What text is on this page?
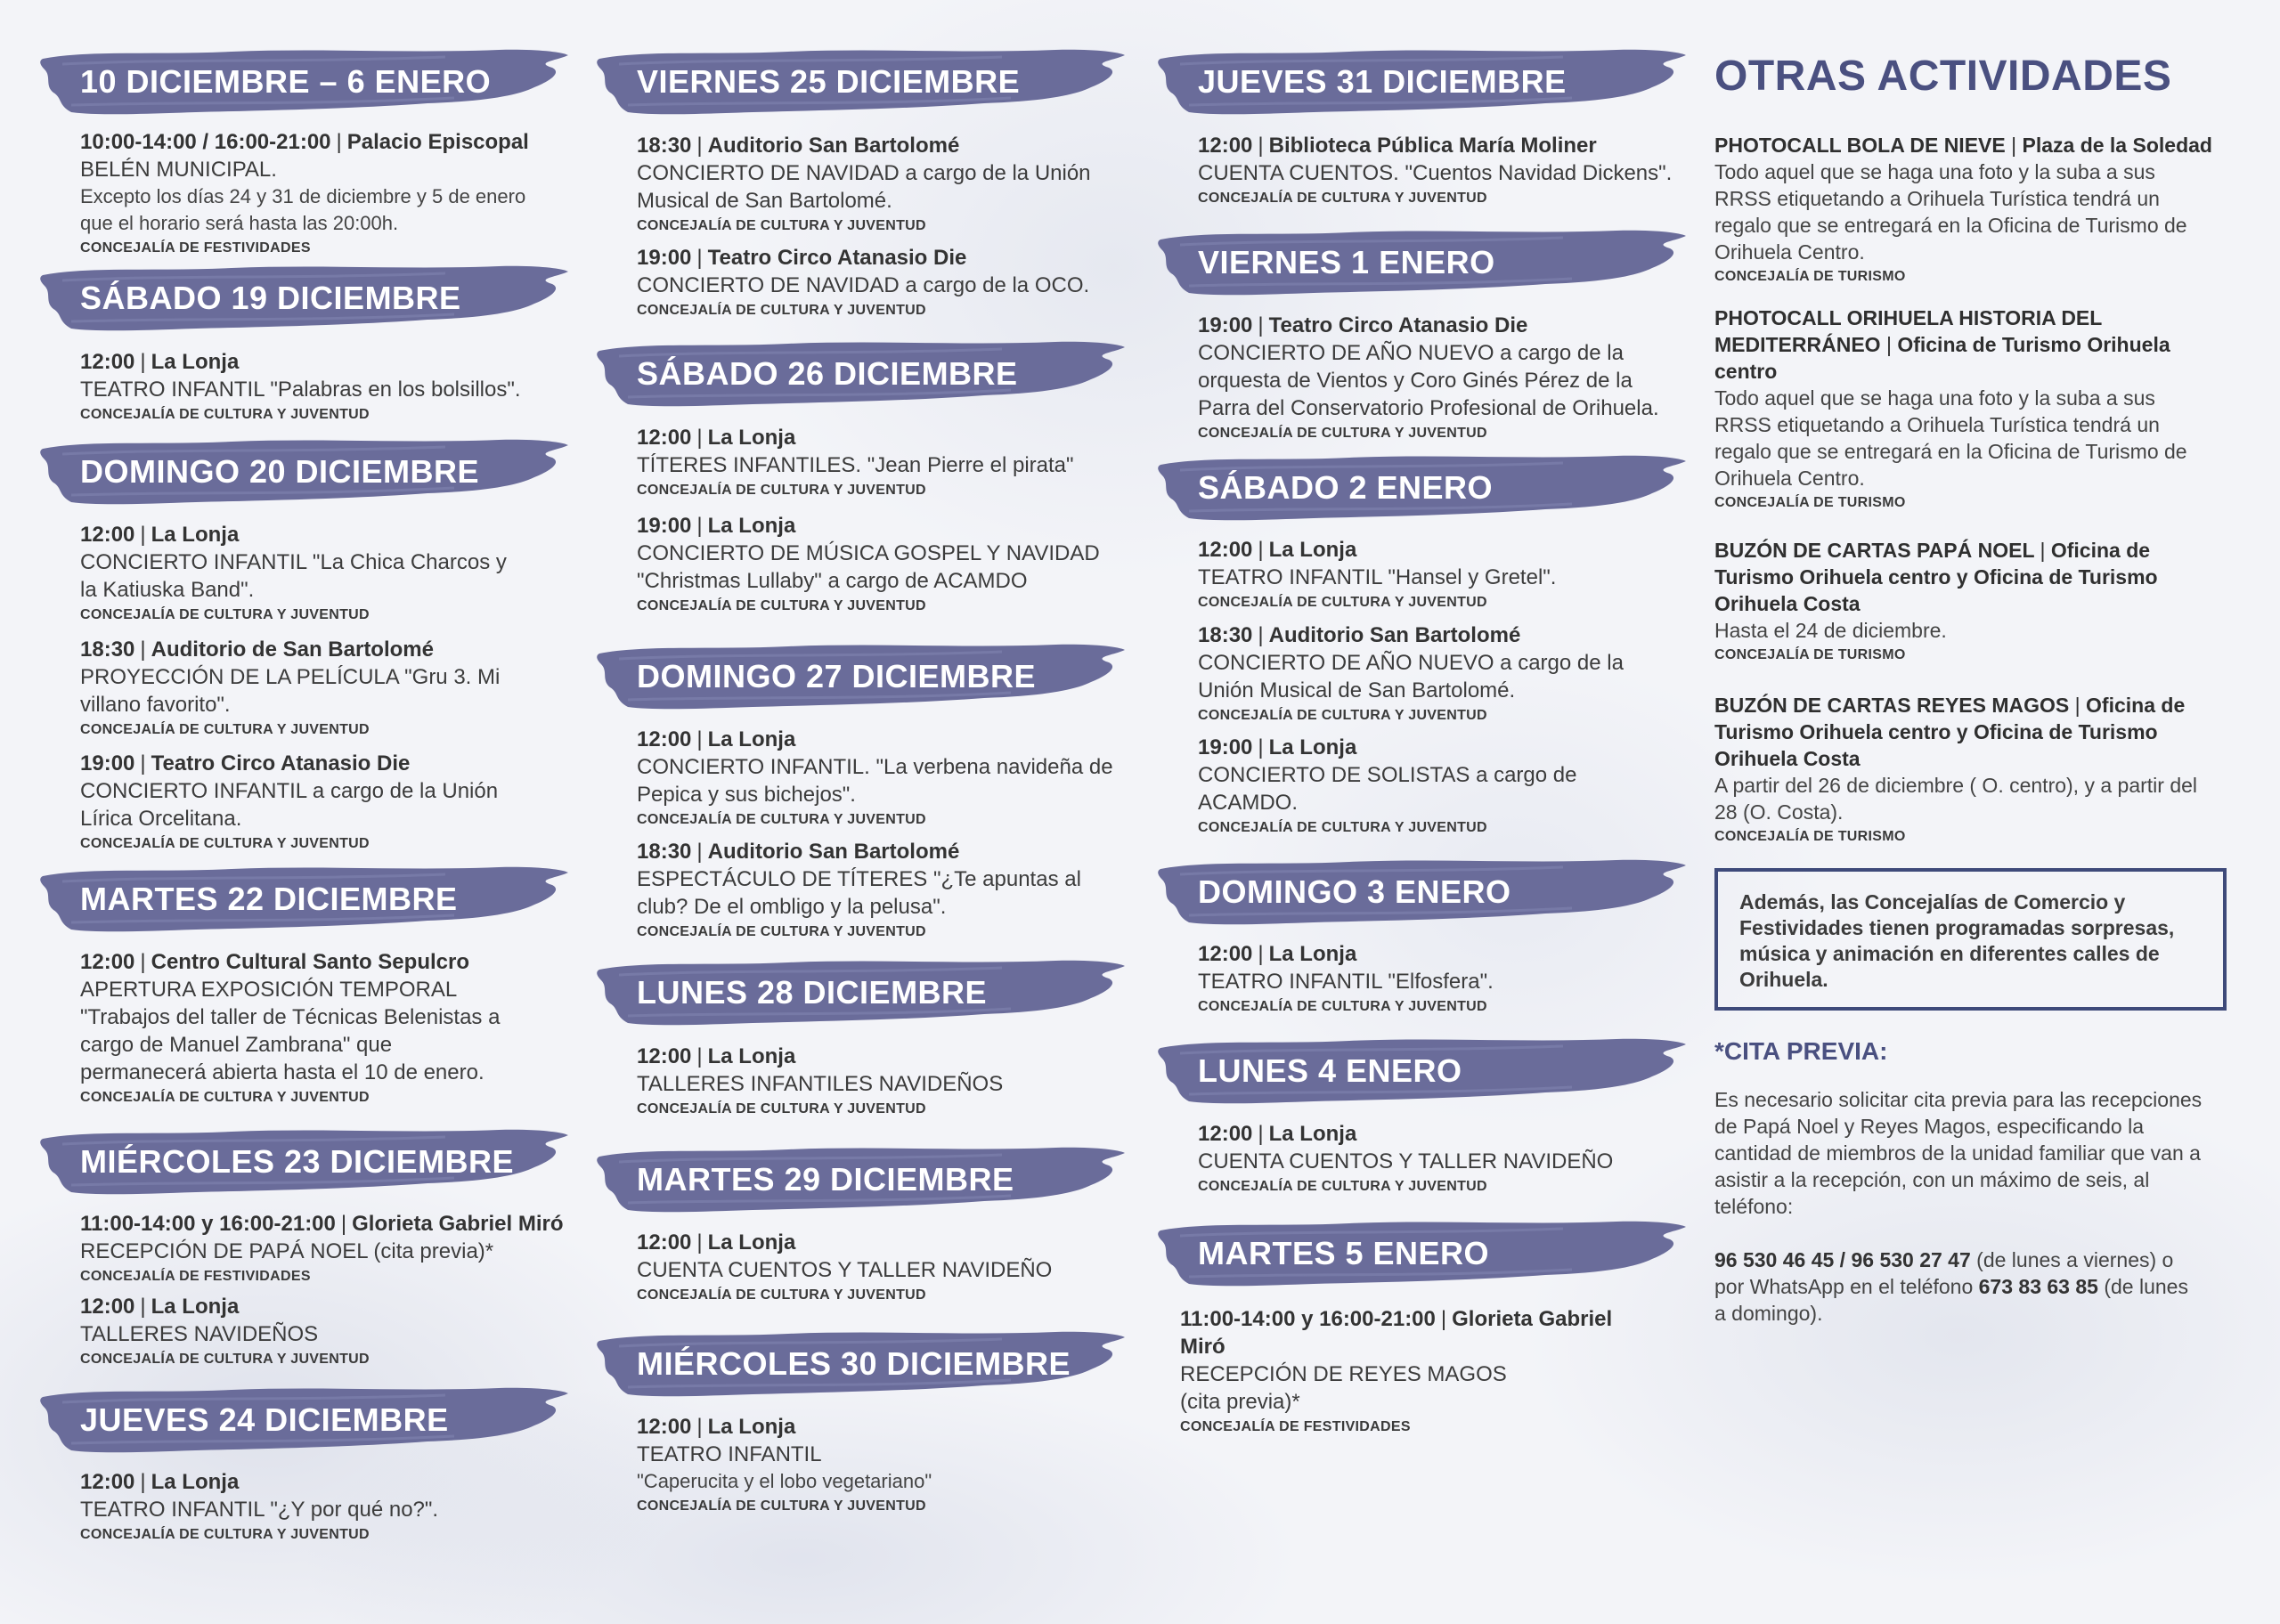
10 DICIEMBRE – 6 ENERO
10:00-14:00 / 16:00-21:00 | Palacio Episcopal
BELÉN MUNICIPAL.
Excepto los días 24 y 31 de diciembre y 5 de enero
que el horario será hasta las 20:00h.
CONCEJALÍA DE FESTIVIDADES
SÁBADO 19 DICIEMBRE
12:00 | La Lonja
TEATRO INFANTIL "Palabras en los bolsillos".
CONCEJALÍA DE CULTURA Y JUVENTUD
DOMINGO 20 DICIEMBRE
12:00 | La Lonja
CONCIERTO INFANTIL "La Chica Charcos y
la Katiuska Band".
CONCEJALÍA DE CULTURA Y JUVENTUD
18:30 | Auditorio de San Bartolomé
PROYECCIÓN DE LA PELÍCULA "Gru 3. Mi
villano favorito".
CONCEJALÍA DE CULTURA Y JUVENTUD
19:00 | Teatro Circo Atanasio Die
CONCIERTO INFANTIL a cargo de la Unión
Lírica Orcelitana.
CONCEJALÍA DE CULTURA Y JUVENTUD
MARTES 22 DICIEMBRE
12:00 | Centro Cultural Santo Sepulcro
APERTURA EXPOSICIÓN TEMPORAL
"Trabajos del taller de Técnicas Belenistas a
cargo de Manuel Zambrana" que
permanecerá abierta hasta el 10 de enero.
CONCEJALÍA DE CULTURA Y JUVENTUD
MIÉRCOLES 23 DICIEMBRE
11:00-14:00 y 16:00-21:00 | Glorieta Gabriel Miró
RECEPCIÓN DE PAPÁ NOEL (cita previa)*
CONCEJALÍA DE FESTIVIDADES
12:00 | La Lonja
TALLERES NAVIDEÑOS
CONCEJALÍA DE CULTURA Y JUVENTUD
JUEVES 24 DICIEMBRE
12:00 | La Lonja
TEATRO INFANTIL "¿Y por qué no?".
CONCEJALÍA DE CULTURA Y JUVENTUD
VIERNES 25 DICIEMBRE
18:30 | Auditorio San Bartolomé
CONCIERTO DE NAVIDAD a cargo de la Unión
Musical de San Bartolomé.
CONCEJALÍA DE CULTURA Y JUVENTUD
19:00 | Teatro Circo Atanasio Die
CONCIERTO DE NAVIDAD a cargo de la OCO.
CONCEJALÍA DE CULTURA Y JUVENTUD
SÁBADO 26 DICIEMBRE
12:00 | La Lonja
TÍTERES INFANTILES. "Jean Pierre el pirata"
CONCEJALÍA DE CULTURA Y JUVENTUD
19:00 | La Lonja
CONCIERTO DE MÚSICA GOSPEL Y NAVIDAD
"Christmas Lullaby" a cargo de ACAMDO
CONCEJALÍA DE CULTURA Y JUVENTUD
DOMINGO 27 DICIEMBRE
12:00 | La Lonja
CONCIERTO INFANTIL. "La verbena navideña de
Pepica y sus bichejos".
CONCEJALÍA DE CULTURA Y JUVENTUD
18:30 | Auditorio San Bartolomé
ESPECTÁCULO DE TÍTERES "¿Te apuntas al
club? De el ombligo y la pelusa".
CONCEJALÍA DE CULTURA Y JUVENTUD
LUNES 28 DICIEMBRE
12:00 | La Lonja
TALLERES INFANTILES NAVIDEÑOS
CONCEJALÍA DE CULTURA Y JUVENTUD
MARTES 29 DICIEMBRE
12:00 | La Lonja
CUENTA CUENTOS Y TALLER NAVIDEÑO
CONCEJALÍA DE CULTURA Y JUVENTUD
MIÉRCOLES 30 DICIEMBRE
12:00 | La Lonja
TEATRO INFANTIL
"Caperucita y el lobo vegetariano"
CONCEJALÍA DE CULTURA Y JUVENTUD
JUEVES 31 DICIEMBRE
12:00 | Biblioteca Pública María Moliner
CUENTA CUENTOS. "Cuentos Navidad Dickens".
CONCEJALÍA DE CULTURA Y JUVENTUD
VIERNES 1 ENERO
19:00 | Teatro Circo Atanasio Die
CONCIERTO DE AÑO NUEVO a cargo de la
orquesta de Vientos y Coro Ginés Pérez de la
Parra del Conservatorio Profesional de Orihuela.
CONCEJALÍA DE CULTURA Y JUVENTUD
SÁBADO 2 ENERO
12:00 | La Lonja
TEATRO INFANTIL "Hansel y Gretel".
CONCEJALÍA DE CULTURA Y JUVENTUD
18:30 | Auditorio San Bartolomé
CONCIERTO DE AÑO NUEVO a cargo de la
Unión Musical de San Bartolomé.
CONCEJALÍA DE CULTURA Y JUVENTUD
19:00 | La Lonja
CONCIERTO DE SOLISTAS a cargo de
ACAMDO.
CONCEJALÍA DE CULTURA Y JUVENTUD
DOMINGO 3 ENERO
12:00 | La Lonja
TEATRO INFANTIL "Elfosfera".
CONCEJALÍA DE CULTURA Y JUVENTUD
LUNES 4 ENERO
12:00 | La Lonja
CUENTA CUENTOS Y TALLER NAVIDEÑO
CONCEJALÍA DE CULTURA Y JUVENTUD
MARTES 5 ENERO
11:00-14:00 y 16:00-21:00 | Glorieta Gabriel
Miró
RECEPCIÓN DE REYES MAGOS
(cita previa)*
CONCEJALÍA DE FESTIVIDADES
OTRAS ACTIVIDADES
PHOTOCALL BOLA DE NIEVE | Plaza de la Soledad
Todo aquel que se haga una foto y la suba a sus
RRSS etiquetando a Orihuela Turística tendrá un
regalo que se entregará en la Oficina de Turismo de
Orihuela Centro.
CONCEJALÍA DE TURISMO
PHOTOCALL ORIHUELA HISTORIA DEL
MEDITERRÁNEO | Oficina de Turismo Orihuela
centro
Todo aquel que se haga una foto y la suba a sus
RRSS etiquetando a Orihuela Turística tendrá un
regalo que se entregará en la Oficina de Turismo de
Orihuela Centro.
CONCEJALÍA DE TURISMO
BUZÓN DE CARTAS PAPÁ NOEL | Oficina de
Turismo Orihuela centro y Oficina de Turismo
Orihuela Costa
Hasta el 24 de diciembre.
CONCEJALÍA DE TURISMO
BUZÓN DE CARTAS REYES MAGOS | Oficina de
Turismo Orihuela centro y Oficina de Turismo
Orihuela Costa
A partir del 26 de diciembre ( O. centro), y a partir del
28 (O. Costa).
CONCEJALÍA DE TURISMO
Además, las Concejalías de Comercio y
Festividades tienen programadas sorpresas,
música y animación en diferentes calles de
Orihuela.
*CITA PREVIA:
Es necesario solicitar cita previa para las recepciones
de Papá Noel y Reyes Magos, especificando la
cantidad de miembros de la unidad familiar que van a
asistir a la recepción, con un máximo de seis, al
teléfono:
96 530 46 45 / 96 530 27 47 (de lunes a viernes) o
por WhatsApp en el teléfono 673 83 63 85 (de lunes
a domingo).
